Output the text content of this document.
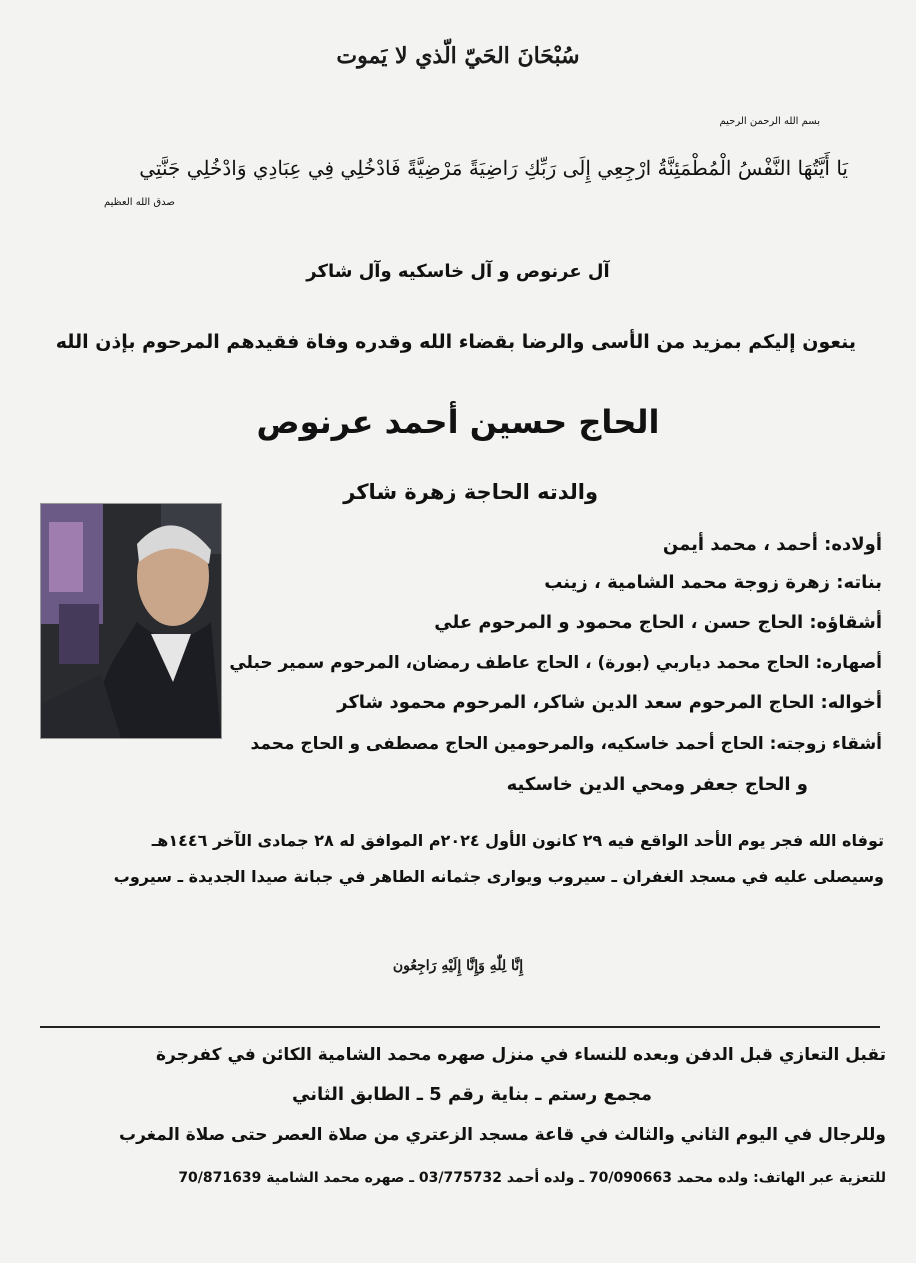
سُبْحَانَ الحَيّ الّذي لا يَموت
بسم الله الرحمن الرحيم
يَا أَيَّتُهَا النَّفْسُ الْمُطْمَئِنَّةُ ارْجِعِي إِلَى رَبِّكِ رَاضِيَةً مَرْضِيَّةً فَادْخُلِي فِي عِبَادِي وَادْخُلِي جَنَّتِي
صدق الله العظيم
آل عرنوص و آل خاسكيه وآل شاكر
ينعون إليكم بمزيد من الأسى والرضا بقضاء الله وقدره وفاة فقيدهم المرحوم بإذن الله
الحاج حسين أحمد عرنوص
والدته الحاجة زهرة شاكر
أولاده: أحمد ، محمد أيمن
بناته: زهرة زوجة محمد الشامية ، زينب
أشقاؤه: الحاج حسن ، الحاج محمود و المرحوم علي
أصهاره: الحاج محمد دياربي (بورة) ، الحاج عاطف رمضان، المرحوم سمير حبلي
أخواله: الحاج المرحوم سعد الدين شاكر، المرحوم محمود شاكر
أشقاء زوجته: الحاج أحمد خاسكيه، والمرحومين الحاج مصطفى و الحاج محمد
و الحاج جعفر ومحي الدين خاسكيه
توفاه الله فجر يوم الأحد الواقع فيه ٢٩ كانون الأول ٢٠٢٤م الموافق له ٢٨ جمادى الآخر ١٤٤٦هـ
وسيصلى عليه في مسجد الغفران ـ سيروب ويوارى جثمانه الطاهر في جبانة صيدا الجديدة ـ سيروب
إِنَّا لِلّٰهِ وَإِنَّا إِلَيْهِ رَاجِعُون
تقبل التعازي قبل الدفن وبعده للنساء في منزل صهره محمد الشامية الكائن في كفرجرة
مجمع رستم ـ بناية رقم 5 ـ الطابق الثاني
وللرجال في اليوم الثاني والثالث في قاعة مسجد الزعتري من صلاة العصر حتى صلاة المغرب
للتعزية عبر الهاتف: ولده محمد 70/090663 ـ ولده أحمد 03/775732 ـ صهره محمد الشامية 70/871639
